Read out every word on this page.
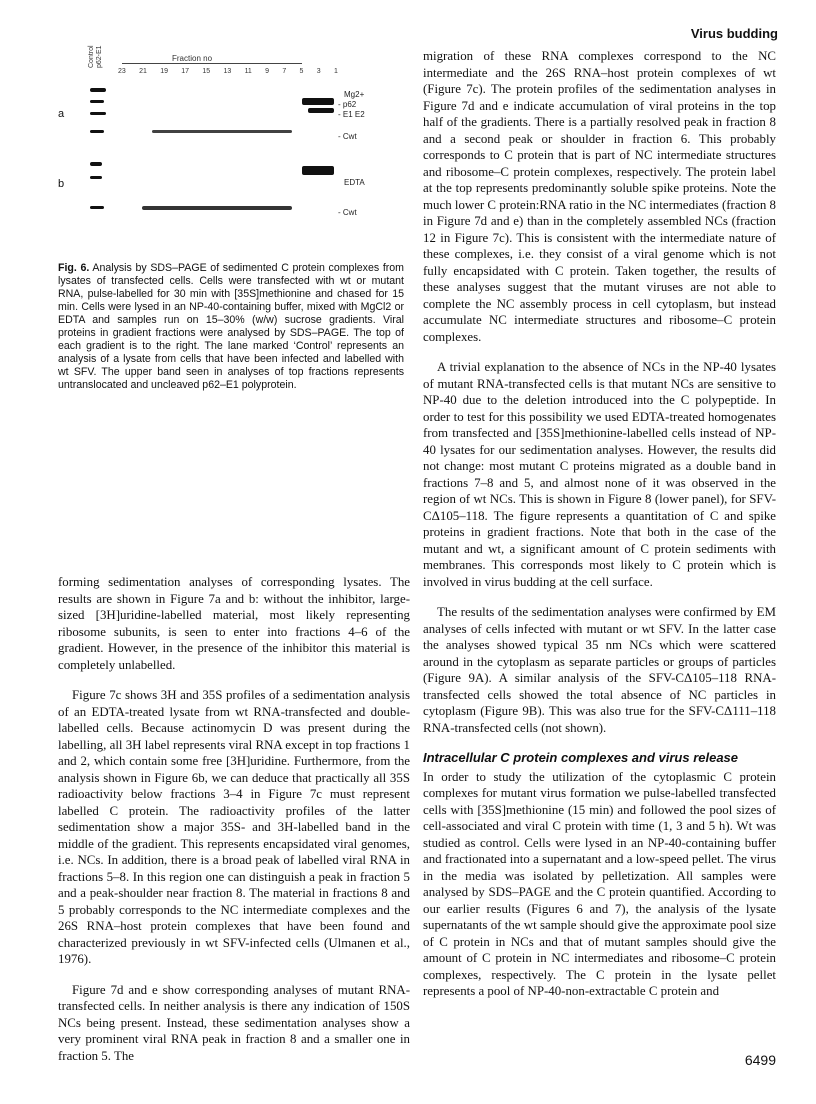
Virus budding
Control p62-E1	Fraction no
23 21 19 17 15 13 11 9 7 5 3 1
a
Mg2+
- p62
- E1 E2
- Cwt
b	EDTA
- Cwt
Fig. 6. Analysis by SDS–PAGE of sedimented C protein complexes from lysates of transfected cells. Cells were transfected with wt or mutant RNA, pulse-labelled for 30 min with [35S]methionine and chased for 15 min. Cells were lysed in an NP-40-containing buffer, mixed with MgCl2 or EDTA and samples run on 15–30% (w/w) sucrose gradients. Viral proteins in gradient fractions were analysed by SDS–PAGE. The top of each gradient is to the right. The lane marked ‘Control’ represents an analysis of a lysate from cells that have been infected and labelled with wt SFV. The upper band seen in analyses of top fractions represents untranslocated and uncleaved p62–E1 polyprotein.

forming sedimentation analyses of corresponding lysates. The results are shown in Figure 7a and b: without the inhibitor, large-sized [3H]uridine-labelled material, most likely representing ribosome subunits, is seen to enter into fractions 4–6 of the gradient. However, in the presence of the inhibitor this material is completely unlabelled.

Figure 7c shows 3H and 35S profiles of a sedimentation analysis of an EDTA-treated lysate from wt RNA-transfected and double-labelled cells. Because actinomycin D was present during the labelling, all 3H label represents viral RNA except in top fractions 1 and 2, which contain some free [3H]uridine. Furthermore, from the analysis shown in Figure 6b, we can deduce that practically all 35S radioactivity below fractions 3–4 in Figure 7c must represent labelled C protein. The radioactivity profiles of the latter sedimentation show a major 35S- and 3H-labelled band in the middle of the gradient. This represents encapsidated viral genomes, i.e. NCs. In addition, there is a broad peak of labelled viral RNA in fractions 5–8. In this region one can distinguish a peak in fraction 5 and a peak-shoulder near fraction 8. The material in fractions 8 and 5 probably corresponds to the NC intermediate complexes and the 26S RNA–host protein complexes that have been found and characterized previously in wt SFV-infected cells (Ulmanen et al., 1976).

Figure 7d and e show corresponding analyses of mutant RNA-transfected cells. In neither analysis is there any indication of 150S NCs being present. Instead, these sedimentation analyses show a very prominent viral RNA peak in fraction 8 and a smaller one in fraction 5. The

migration of these RNA complexes correspond to the NC intermediate and the 26S RNA–host protein complexes of wt (Figure 7c). The protein profiles of the sedimentation analyses in Figure 7d and e indicate accumulation of viral proteins in the top half of the gradients. There is a partially resolved peak in fraction 8 and a second peak or shoulder in fraction 6. This probably corresponds to C protein that is part of NC intermediate structures and ribosome–C protein complexes, respectively. The protein label at the top represents predominantly soluble spike proteins. Note the much lower C protein:RNA ratio in the NC intermediates (fraction 8 in Figure 7d and e) than in the completely assembled NCs (fraction 12 in Figure 7c). This is consistent with the intermediate nature of these complexes, i.e. they consist of a viral genome which is not fully encapsidated with C protein. Taken together, the results of these analyses suggest that the mutant viruses are not able to complete the NC assembly process in cell cytoplasm, but instead accumulate NC intermediate structures and ribosome–C protein complexes.

A trivial explanation to the absence of NCs in the NP-40 lysates of mutant RNA-transfected cells is that mutant NCs are sensitive to NP-40 due to the deletion introduced into the C polypeptide. In order to test for this possibility we used EDTA-treated homogenates from transfected and [35S]methionine-labelled cells instead of NP-40 lysates for our sedimentation analyses. However, the results did not change: most mutant C proteins migrated as a double band in fractions 7–8 and 5, and almost none of it was observed in the region of wt NCs. This is shown in Figure 8 (lower panel), for SFV-CΔ105–118. The figure represents a quantitation of C and spike proteins in gradient fractions. Note that both in the case of the mutant and wt, a significant amount of C protein sediments with membranes. This corresponds most likely to C protein which is involved in virus budding at the cell surface.

The results of the sedimentation analyses were confirmed by EM analyses of cells infected with mutant or wt SFV. In the latter case the analyses showed typical 35 nm NCs which were scattered around in the cytoplasm as separate particles or groups of particles (Figure 9A). A similar analysis of the SFV-CΔ105–118 RNA-transfected cells showed the total absence of NC particles in cytoplasm (Figure 9B). This was also true for the SFV-CΔ111–118 RNA-transfected cells (not shown).

Intracellular C protein complexes and virus release

In order to study the utilization of the cytoplasmic C protein complexes for mutant virus formation we pulse-labelled transfected cells with [35S]methionine (15 min) and followed the pool sizes of cell-associated and viral C protein with time (1, 3 and 5 h). Wt was studied as control. Cells were lysed in an NP-40-containing buffer and fractionated into a supernatant and a low-speed pellet. The virus in the media was isolated by pelletization. All samples were analysed by SDS–PAGE and the C protein quantified. According to our earlier results (Figures 6 and 7), the analysis of the lysate supernatants of the wt sample should give the approximate pool size of C protein in NCs and that of mutant samples should give the amount of C protein in NC intermediates and ribosome–C protein complexes, respectively. The C protein in the lysate pellet represents a pool of NP-40-non-extractable C protein and

6499
